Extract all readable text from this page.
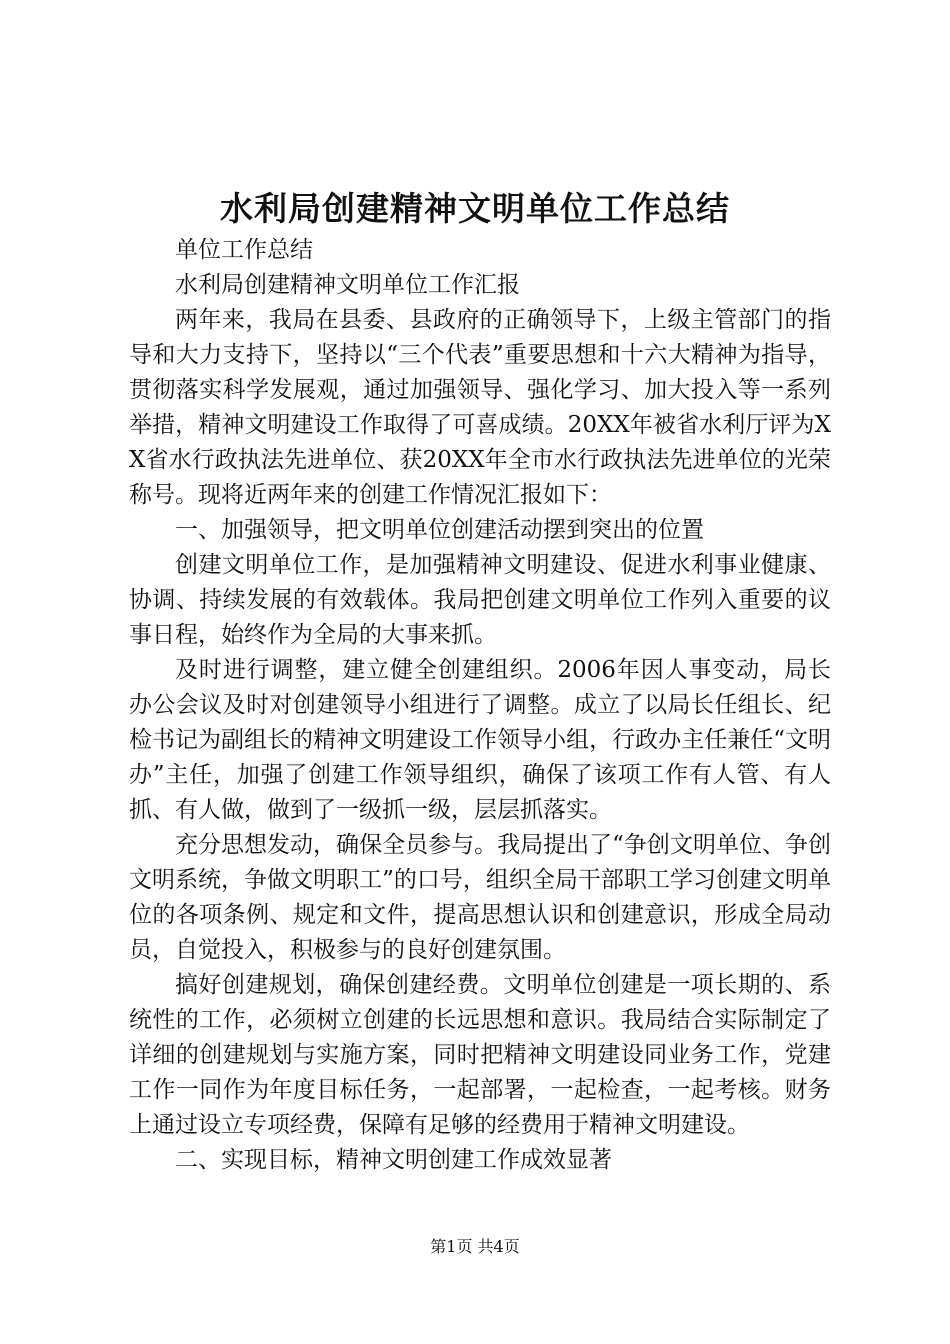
水利局创建精神文明单位工作总结

单位工作总结

水利局创建精神文明单位工作汇报

两年来，我局在县委、县政府的正确领导下，上级主管部门的指导和大力支持下，坚持以“三个代表”重要思想和十六大精神为指导，贯彻落实科学发展观，通过加强领导、强化学习、加大投入等一系列举措，精神文明建设工作取得了可喜成绩。20XX年被省水利厅评为XX省水行政执法先进单位、获20XX年全市水行政执法先进单位的光荣称号。现将近两年来的创建工作情况汇报如下：

一、加强领导，把文明单位创建活动摆到突出的位置

创建文明单位工作，是加强精神文明建设、促进水利事业健康、协调、持续发展的有效载体。我局把创建文明单位工作列入重要的议事日程，始终作为全局的大事来抓。

及时进行调整，建立健全创建组织。2006年因人事变动，局长办公会议及时对创建领导小组进行了调整。成立了以局长任组长、纪检书记为副组长的精神文明建设工作领导小组，行政办主任兼任“文明办”主任，加强了创建工作领导组织，确保了该项工作有人管、有人抓、有人做，做到了一级抓一级，层层抓落实。

充分思想发动，确保全员参与。我局提出了“争创文明单位、争创文明系统，争做文明职工”的口号，组织全局干部职工学习创建文明单位的各项条例、规定和文件，提高思想认识和创建意识，形成全局动员，自觉投入，积极参与的良好创建氛围。

搞好创建规划，确保创建经费。文明单位创建是一项长期的、系统性的工作，必须树立创建的长远思想和意识。我局结合实际制定了详细的创建规划与实施方案，同时把精神文明建设同业务工作，党建工作一同作为年度目标任务，一起部署，一起检查，一起考核。财务上通过设立专项经费，保障有足够的经费用于精神文明建设。

二、实现目标，精神文明创建工作成效显著

第1页 共4页
